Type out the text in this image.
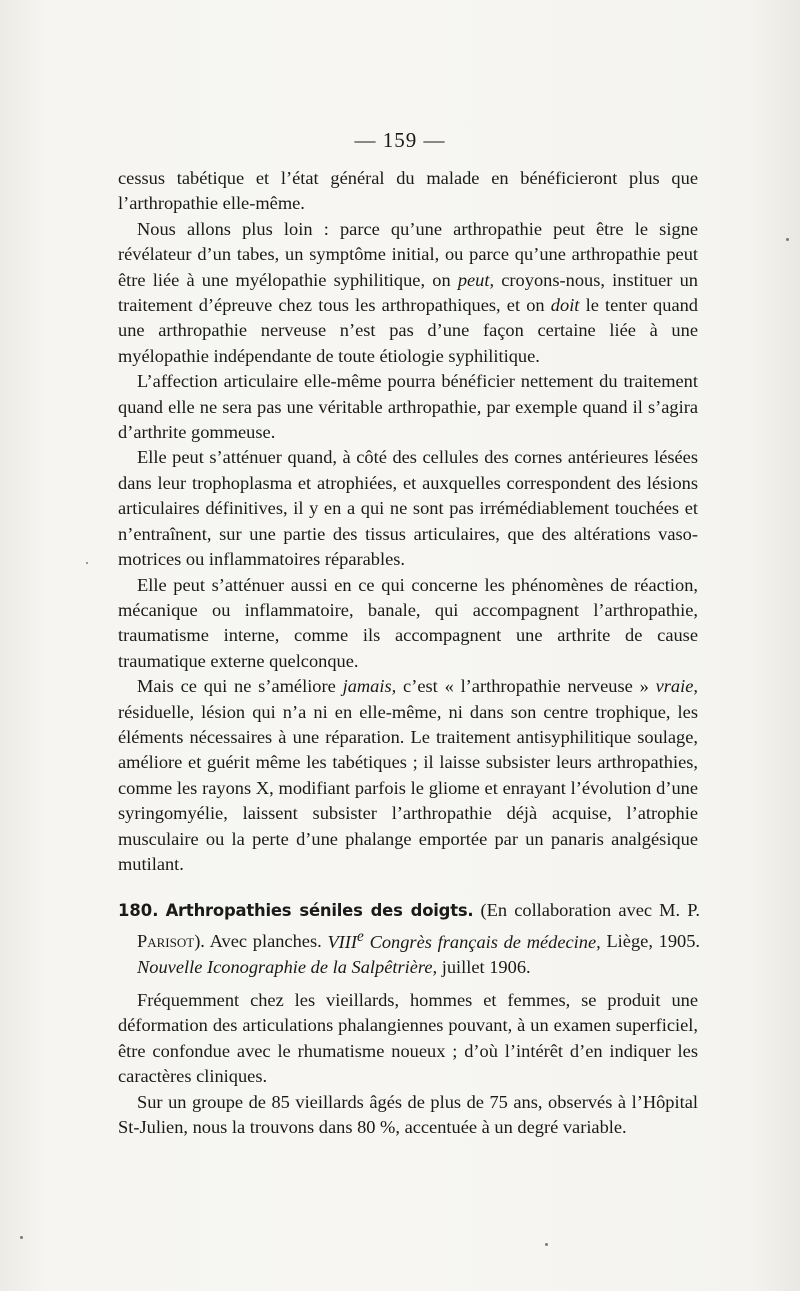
— 159 —

cessus tabétique et l’état général du malade en bénéficieront plus que l’arthropathie elle-même.

Nous allons plus loin : parce qu’une arthropathie peut être le signe révélateur d’un tabes, un symptôme initial, ou parce qu’une arthropathie peut être liée à une myélopathie syphilitique, on peut, croyons-nous, instituer un traitement d’épreuve chez tous les arthropathiques, et on doit le tenter quand une arthropathie nerveuse n’est pas d’une façon certaine liée à une myélopathie indépendante de toute étiologie syphilitique.

L’affection articulaire elle-même pourra bénéficier nettement du traitement quand elle ne sera pas une véritable arthropathie, par exemple quand il s’agira d’arthrite gommeuse.

Elle peut s’atténuer quand, à côté des cellules des cornes antérieures lésées dans leur trophoplasma et atrophiées, et auxquelles correspondent des lésions articulaires définitives, il y en a qui ne sont pas irrémédiablement touchées et n’entraînent, sur une partie des tissus articulaires, que des altérations vaso-motrices ou inflammatoires réparables.

Elle peut s’atténuer aussi en ce qui concerne les phénomènes de réaction, mécanique ou inflammatoire, banale, qui accompagnent l’arthropathie, traumatisme interne, comme ils accompagnent une arthrite de cause traumatique externe quelconque.

Mais ce qui ne s’améliore jamais, c’est « l’arthropathie nerveuse » vraie, résiduelle, lésion qui n’a ni en elle-même, ni dans son centre trophique, les éléments nécessaires à une réparation. Le traitement antisyphilitique soulage, améliore et guérit même les tabétiques ; il laisse subsister leurs arthropathies, comme les rayons X, modifiant parfois le gliome et enrayant l’évolution d’une syringomyélie, laissent subsister l’arthropathie déjà acquise, l’atrophie musculaire ou la perte d’une phalange emportée par un panaris analgésique mutilant.

180. Arthropathies séniles des doigts. (En collaboration avec M. P. Parisot). Avec planches. VIIIe Congrès français de médecine, Liège, 1905. Nouvelle Iconographie de la Salpêtrière, juillet 1906.

Fréquemment chez les vieillards, hommes et femmes, se produit une déformation des articulations phalangiennes pouvant, à un examen superficiel, être confondue avec le rhumatisme noueux ; d’où l’intérêt d’en indiquer les caractères cliniques.

Sur un groupe de 85 vieillards âgés de plus de 75 ans, observés à l’Hôpital St-Julien, nous la trouvons dans 80 %, accentuée à un degré variable.
